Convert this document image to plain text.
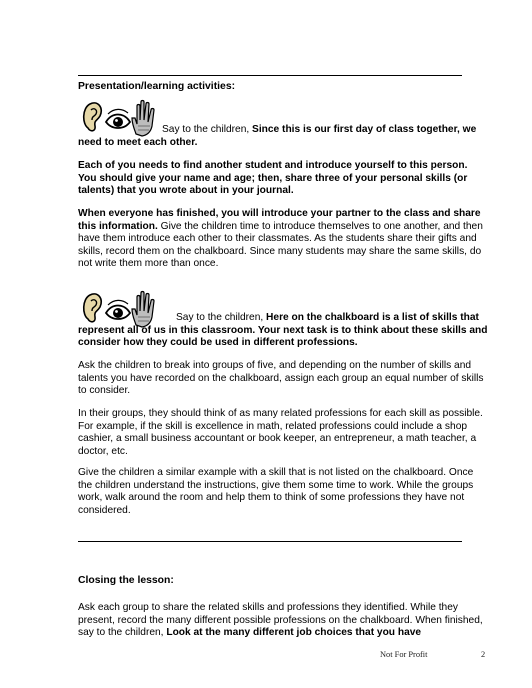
Presentation/learning activities:

Say to the children, Since this is our first day of class together, we need to meet each other.

Each of you needs to find another student and introduce yourself to this person. You should give your name and age; then, share three of your personal skills (or talents) that you wrote about in your journal.

When everyone has finished, you will introduce your partner to the class and share this information. Give the children time to introduce themselves to one another, and then have them introduce each other to their classmates. As the students share their gifts and skills, record them on the chalkboard. Since many students may share the same skills, do not write them more than once.

Say to the children, Here on the chalkboard is a list of skills that represent all of us in this classroom. Your next task is to think about these skills and consider how they could be used in different professions.

Ask the children to break into groups of five, and depending on the number of skills and talents you have recorded on the chalkboard, assign each group an equal number of skills to consider.

In their groups, they should think of as many related professions for each skill as possible. For example, if the skill is excellence in math, related professions could include a shop cashier, a small business accountant or book keeper, an entrepreneur, a math teacher, a doctor, etc.

Give the children a similar example with a skill that is not listed on the chalkboard. Once the children understand the instructions, give them some time to work. While the groups work, walk around the room and help them to think of some professions they have not considered.

Closing the lesson:

Ask each group to share the related skills and professions they identified. While they present, record the many different possible professions on the chalkboard. When finished, say to the children, Look at the many different job choices that you have

Not For Profit	2
